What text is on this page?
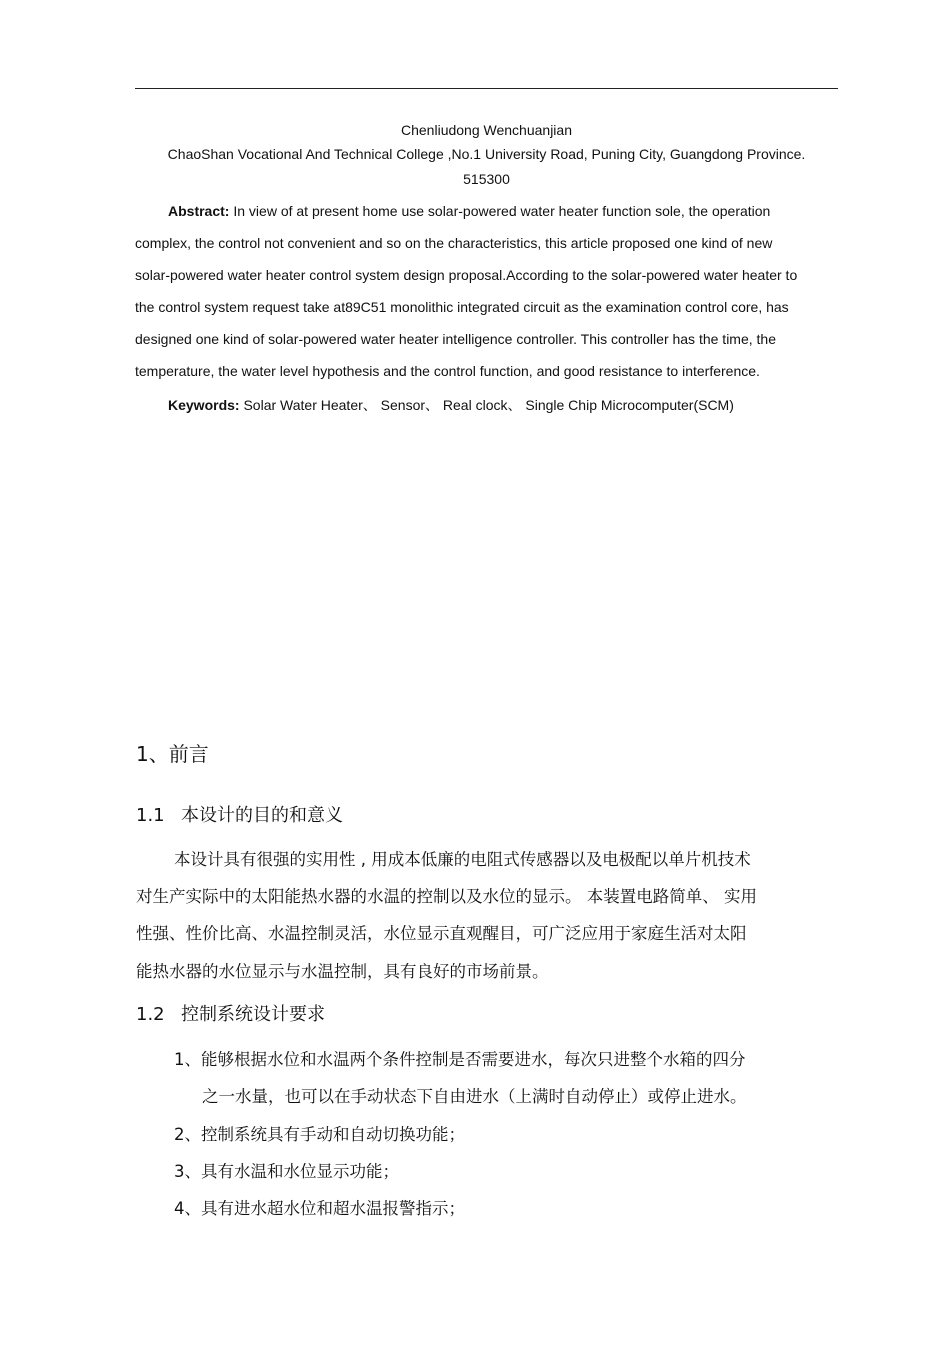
Chenliudong Wenchuanjian
ChaoShan Vocational And Technical College ,No.1 University Road, Puning City, Guangdong Province.
515300
Abstract: In view of at present home use solar-powered water heater function sole, the operation
complex, the control not convenient and so on the characteristics, this article proposed one kind of new
solar-powered water heater control system design proposal.According to the solar-powered water heater to
the control system request take at89C51 monolithic integrated circuit as the examination control core, has
designed one kind of solar-powered water heater intelligence controller. This controller has the time, the
temperature, the water level hypothesis and the control function, and good resistance to interference.
Keywords: Solar Water Heater、 Sensor、 Real clock、 Single Chip Microcomputer(SCM)
1、前言
1.1 本设计的目的和意义
本设计具有很强的实用性 , 用成本低廉的电阻式传感器以及电极配以单片机技术
对生产实际中的太阳能热水器的水温的控制以及水位的显示。 本装置电路简单、 实用
性强、性价比高、水温控制灵活，水位显示直观醒目，可广泛应用于家庭生活对太阳
能热水器的水位显示与水温控制，具有良好的市场前景。
1.2 控制系统设计要求
1、能够根据水位和水温两个条件控制是否需要进水，每次只进整个水箱的四分
之一水量，也可以在手动状态下自由进水（上满时自动停止）或停止进水。
2、控制系统具有手动和自动切换功能；
3、具有水温和水位显示功能；
4、具有进水超水位和超水温报警指示；
